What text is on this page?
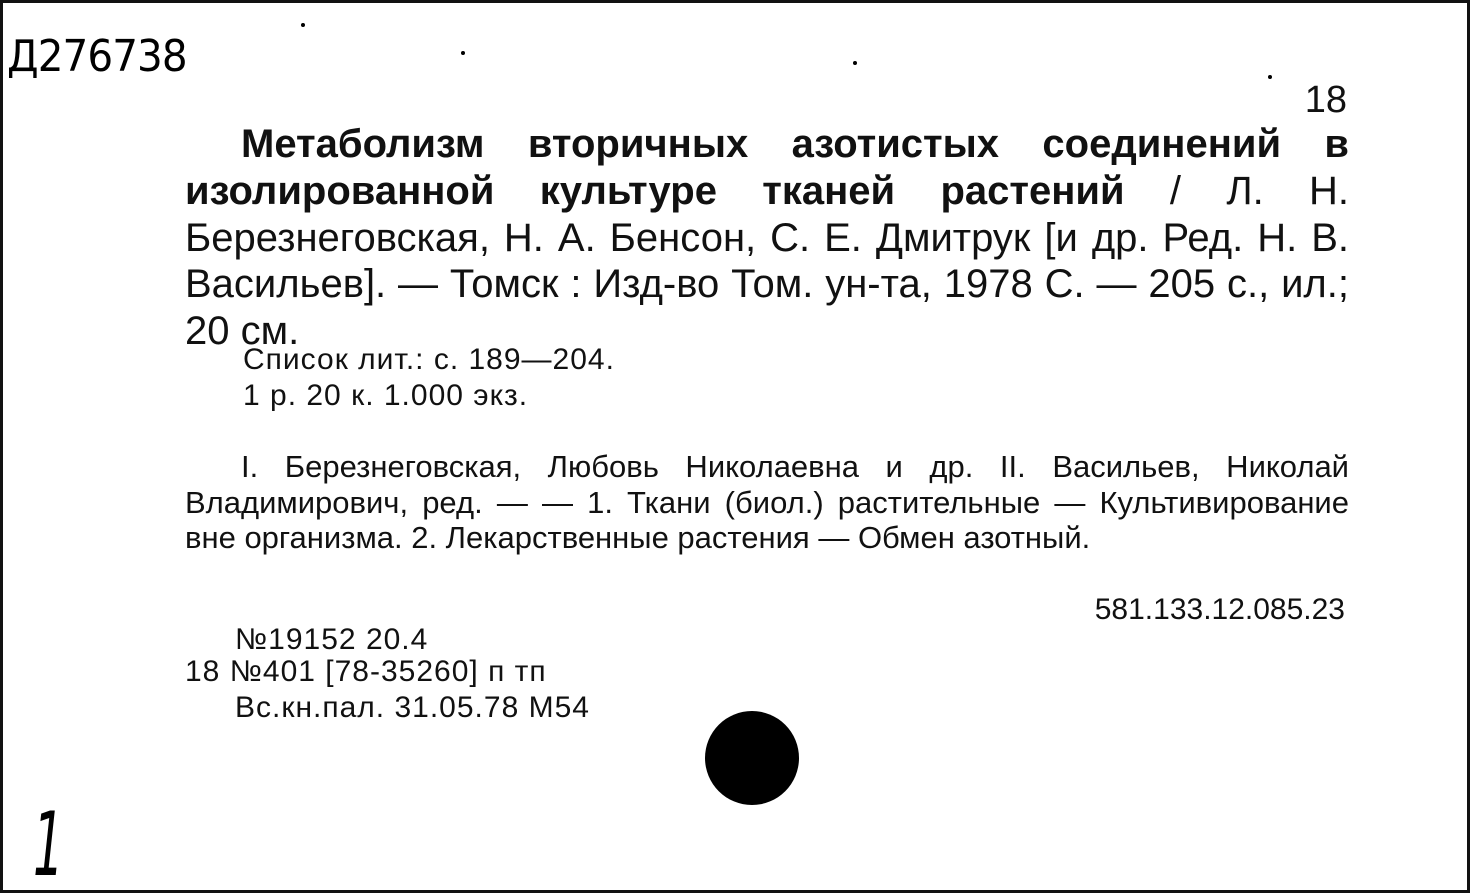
Д276738
18
Метаболизм вторичных азотистых соединений в изолированной культуре тканей растений / Л. Н. Березнеговская, Н. А. Бенсон, С. Е. Дмитрук [и др. Ред. Н. В. Васильев]. — Томск : Изд-во Том. ун-та, 1978 С. — 205 с., ил.; 20 см.
Список лит.: с. 189—204.
1 р. 20 к. 1.000 экз.
I. Березнеговская, Любовь Николаевна и др. II. Васильев, Николай Владимирович, ред. — — 1. Ткани (биол.) растительные — Культивирование вне организма. 2. Лекарственные растения — Обмен азотный.
581.133.12.085.23
№19152 20.4
18 №401 [78-35260] п тп
Вс.кн.пал. 31.05.78 М54
1
